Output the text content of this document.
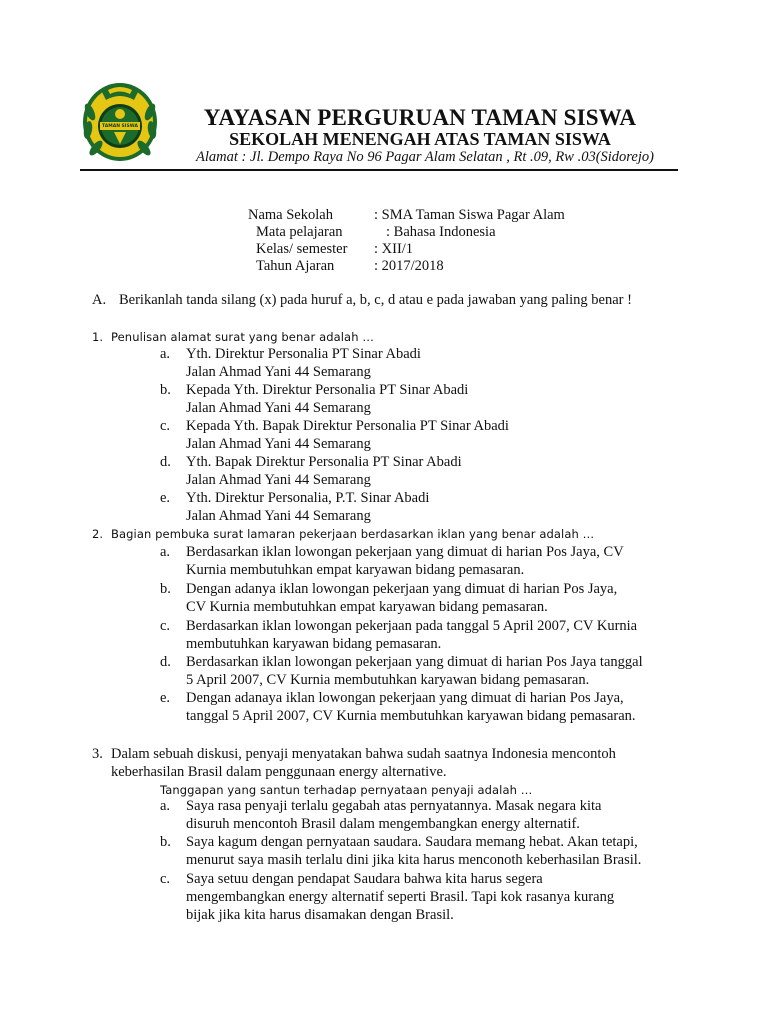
TAMAN SISWA	YAYASAN PERGURUAN TAMAN SISWA
SEKOLAH MENENGAH ATAS TAMAN SISWA
Alamat : Jl. Dempo Raya No 96 Pagar Alam Selatan , Rt .09, Rw .03(Sidorejo)
Nama Sekolah	: SMA Taman Siswa Pagar Alam
Mata pelajaran	: Bahasa Indonesia
Kelas/ semester : XII/1
Tahun Ajaran	: 2017/2018
A. Berikanlah tanda silang (x) pada huruf a, b, c, d atau e pada jawaban yang paling benar !
1. Penulisan alamat surat yang benar adalah …
a. Yth. Direktur Personalia PT Sinar Abadi
Jalan Ahmad Yani 44 Semarang
b. Kepada Yth. Direktur Personalia PT Sinar Abadi
Jalan Ahmad Yani 44 Semarang
c. Kepada Yth. Bapak Direktur Personalia PT Sinar Abadi
Jalan Ahmad Yani 44 Semarang
d. Yth. Bapak Direktur Personalia PT Sinar Abadi
Jalan Ahmad Yani 44 Semarang
e. Yth. Direktur Personalia, P.T. Sinar Abadi
Jalan Ahmad Yani 44 Semarang
2. Bagian pembuka surat lamaran pekerjaan berdasarkan iklan yang benar adalah …
a. Berdasarkan iklan lowongan pekerjaan yang dimuat di harian Pos Jaya, CV
Kurnia membutuhkan empat karyawan bidang pemasaran.
b. Dengan adanya iklan lowongan pekerjaan yang dimuat di harian Pos Jaya,
CV Kurnia membutuhkan empat karyawan bidang pemasaran.
c. Berdasarkan iklan lowongan pekerjaan pada tanggal 5 April 2007, CV Kurnia
membutuhkan karyawan bidang pemasaran.
d. Berdasarkan iklan lowongan pekerjaan yang dimuat di harian Pos Jaya tanggal
5 April 2007, CV Kurnia membutuhkan karyawan bidang pemasaran.
e. Dengan adanaya iklan lowongan pekerjaan yang dimuat di harian Pos Jaya,
tanggal 5 April 2007, CV Kurnia membutuhkan karyawan bidang pemasaran.
3. Dalam sebuah diskusi, penyaji menyatakan bahwa sudah saatnya Indonesia mencontoh
keberhasilan Brasil dalam penggunaan energy alternative.
Tanggapan yang santun terhadap pernyataan penyaji adalah …
a. Saya rasa penyaji terlalu gegabah atas pernyatannya. Masak negara kita
disuruh mencontoh Brasil dalam mengembangkan energy alternatif.
b. Saya kagum dengan pernyataan saudara. Saudara memang hebat. Akan tetapi,
menurut saya masih terlalu dini jika kita harus menconoth keberhasilan Brasil.
c. Saya setuu dengan pendapat Saudara bahwa kita harus segera
mengembangkan energy alternatif seperti Brasil. Tapi kok rasanya kurang
bijak jika kita harus disamakan dengan Brasil.
